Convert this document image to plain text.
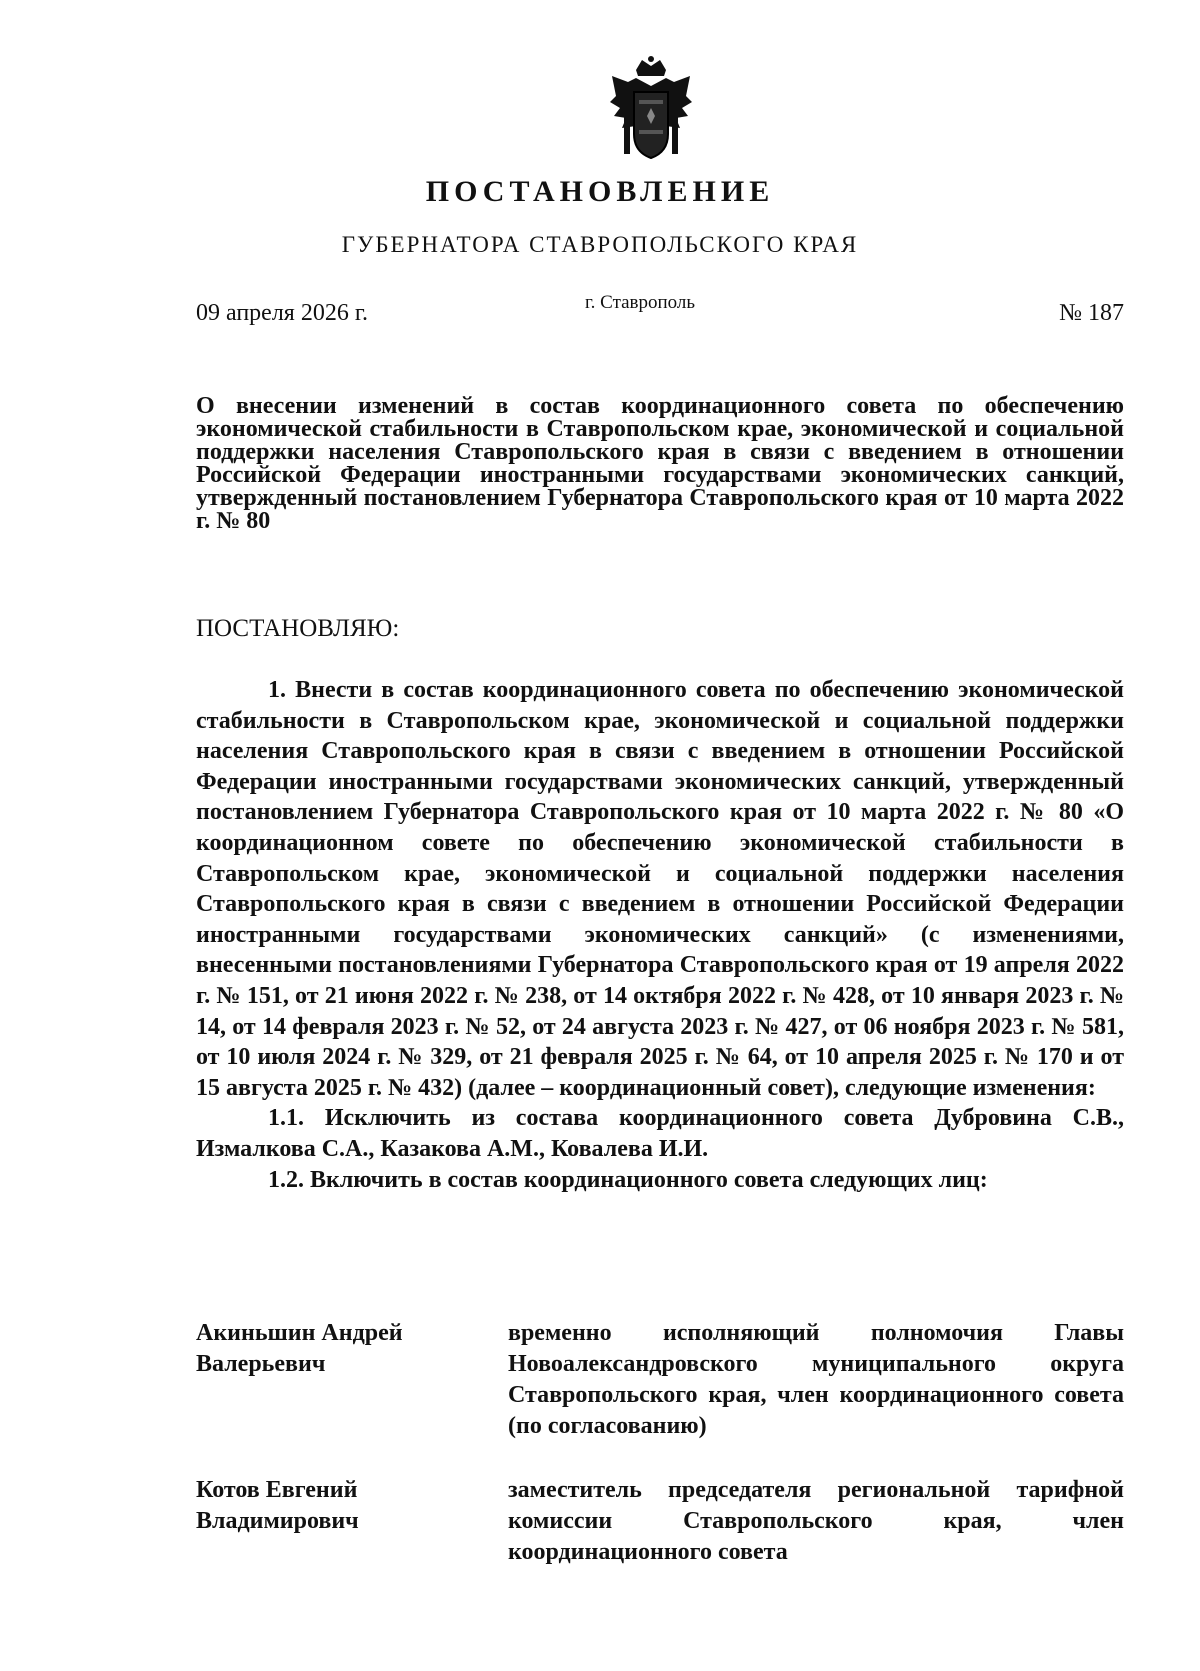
ПОСТАНОВЛЕНИЕ
ГУБЕРНАТОРА СТАВРОПОЛЬСКОГО КРАЯ
09 апреля 2026 г.	г. Ставрополь	№ 187
О внесении изменений в состав координационного совета по обеспечению экономической стабильности в Ставропольском крае, экономической и социальной поддержки населения Ставропольского края в связи с введением в отношении Российской Федерации иностранными государствами экономических санкций, утвержденный постановлением Губернатора Ставропольского края от 10 марта 2022 г. № 80
ПОСТАНОВЛЯЮ:

1. Внести в состав координационного совета по обеспечению экономической стабильности в Ставропольском крае, экономической и социальной поддержки населения Ставропольского края в связи с введением в отношении Российской Федерации иностранными государствами экономических санкций, утвержденный постановлением Губернатора Ставропольского края от 10 марта 2022 г. № 80 «О координационном совете по обеспечению экономической стабильности в Ставропольском крае, экономической и социальной поддержки населения Ставропольского края в связи с введением в отношении Российской Федерации иностранными государствами экономических санкций» (с изменениями, внесенными постановлениями Губернатора Ставропольского края от 19 апреля 2022 г. № 151, от 21 июня 2022 г. № 238, от 14 октября 2022 г. № 428, от 10 января 2023 г. № 14, от 14 февраля 2023 г. № 52, от 24 августа 2023 г. № 427, от 06 ноября 2023 г. № 581, от 10 июля 2024 г. № 329, от 21 февраля 2025 г. № 64, от 10 апреля 2025 г. № 170 и от 15 августа 2025 г. № 432) (далее – координационный совет), следующие изменения:

1.1. Исключить из состава координационного совета Дубровина С.В., Измалкова С.А., Казакова А.М., Ковалева И.И.

1.2. Включить в состав координационного совета следующих лиц:

Акиньшин Андрей Валерьевич
временно исполняющий полномочия Главы Новоалександровского муниципального округа Ставропольского края, член координационного совета (по согласованию)
Котов Евгений Владимирович
заместитель председателя региональной тарифной комиссии Ставропольского края, член координационного совета
